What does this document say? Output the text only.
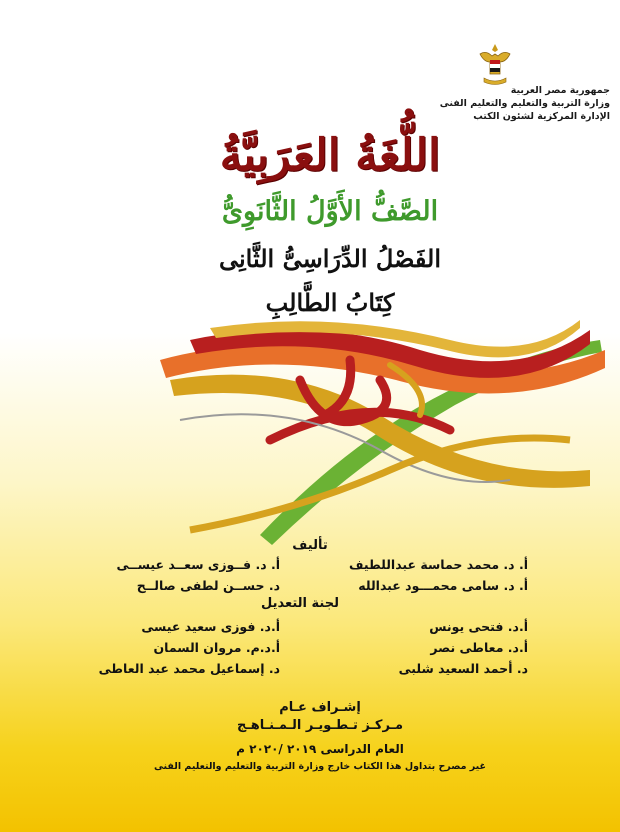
جمهورية مصر العربية
وزارة التربية والتعليم والتعليم الفنى
الإدارة المركزية لشئون الكتب
اللُّغَةُ العَرَبِيَّةُ
الصَّفُّ الأَوَّلُ الثَّانَوِىُّ
الفَصْلُ الدِّرَاسِىُّ الثَّانِى
كِتَابُ الطَّالِبِ
تأليف
أ. د. محمد حماسة عبداللطيف
أ. د. سامى محمـــود عبدالله
أ. د. فــوزى سعــد عيســى
د. حســن لطفى صالــح
لجنة التعديل
أ.د. فتحى يونس
أ.د. معاطى نصر
د. أحمد السعيد شلبى
أ.د. فوزى سعيد عيسى
أ.د.م. مروان السمان
د. إسماعيل محمد عبد العاطى
إشـراف عـام
مـركـز تـطـويـر الـمـنـاهـج
العام الدراسى ٢٠١٩ /٢٠٢٠ م
غير مصرح بتداول هذا الكتاب خارج وزارة التربية والتعليم والتعليم الفنى
